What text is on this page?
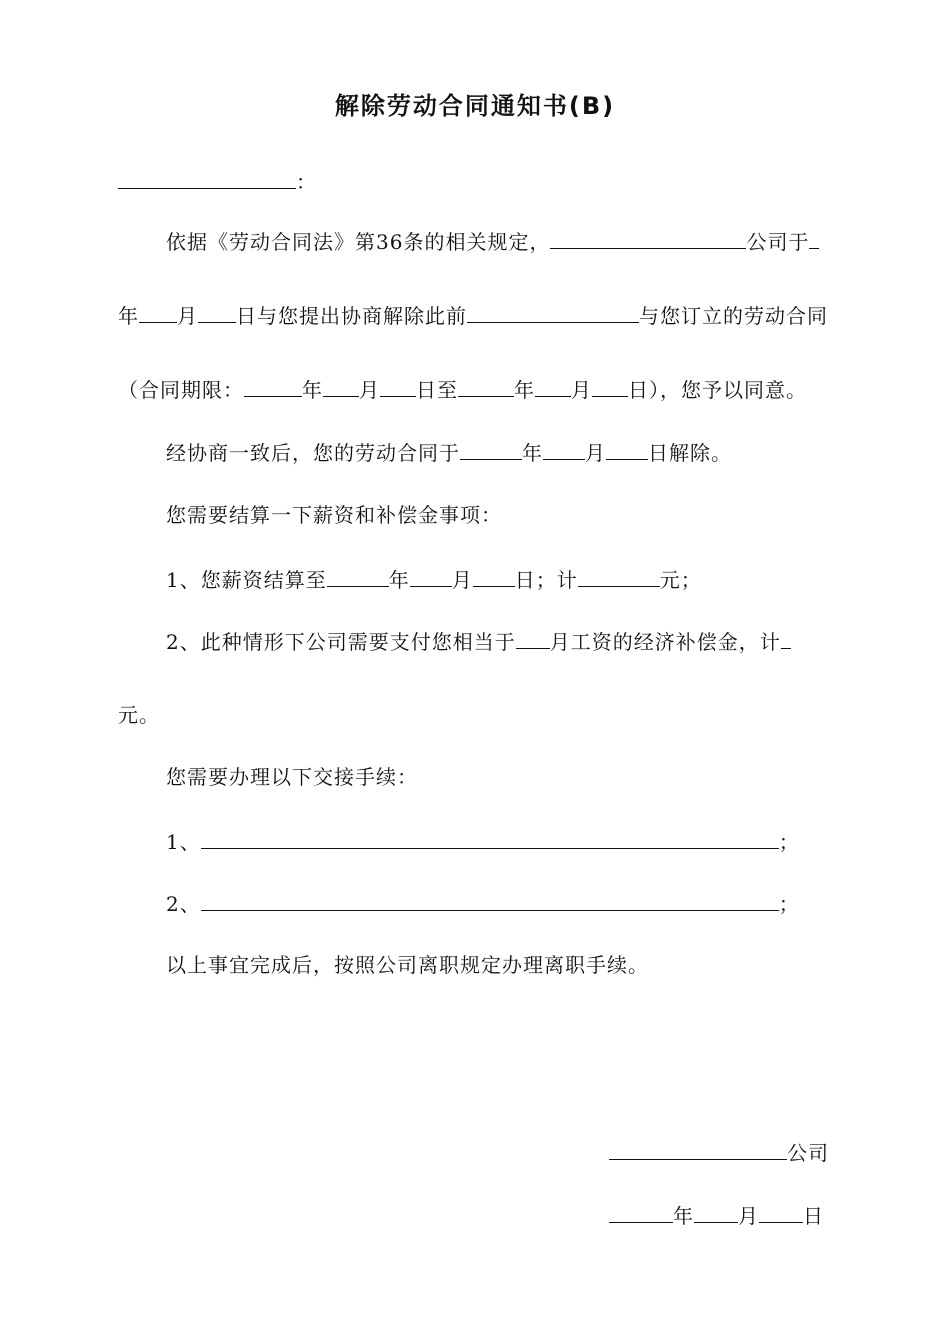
解除劳动合同通知书(B)
：
依据《劳动合同法》第36条的相关规定，	公司于
年 月 日与您提出协商解除此前	与您订立的劳动合同
（合同期限：	年 月 日至	年 月 日），您予以同意。
经协商一致后，您的劳动合同于	年 月 日解除。
您需要结算一下薪资和补偿金事项：
1、您薪资结算至	年 月 日；计	元；
2、此种情形下公司需要支付您相当于 月工资的经济补偿金，计
元。
您需要办理以下交接手续：
1、	；
2、	；
以上事宜完成后，按照公司离职规定办理离职手续。
公司
年 月 日
